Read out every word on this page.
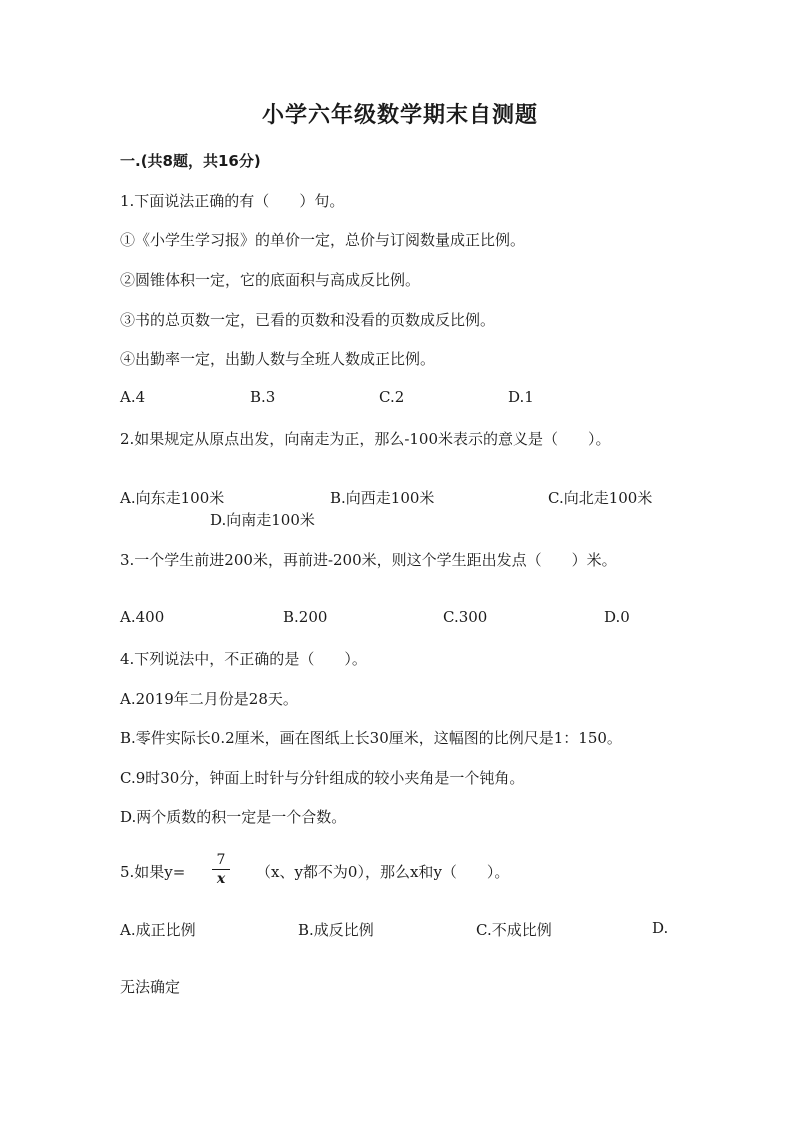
小学六年级数学期末自测题
一.(共8题，共16分)
1.下面说法正确的有（　　）句。
①《小学生学习报》的单价一定，总价与订阅数量成正比例。
②圆锥体积一定，它的底面积与高成反比例。
③书的总页数一定，已看的页数和没看的页数成反比例。
④出勤率一定，出勤人数与全班人数成正比例。
A.4	B.3	C.2	D.1
2.如果规定从原点出发，向南走为正，那么-100米表示的意义是（　　）。
A.向东走100米	B.向西走100米	C.向北走100米
D.向南走100米
3.一个学生前进200米，再前进-200米，则这个学生距出发点（　　）米。
A.400	B.200	C.300	D.0
4.下列说法中，不正确的是（　　）。
A.2019年二月份是28天。
B.零件实际长0.2厘米，画在图纸上长30厘米，这幅图的比例尺是1：150。
C.9时30分，钟面上时针与分针组成的较小夹角是一个钝角。
D.两个质数的积一定是一个合数。
5.如果y=
7
x	（x、y都不为0），那么x和y（　　）。
A.成正比例	B.成反比例	C.不成比例	D.
无法确定
